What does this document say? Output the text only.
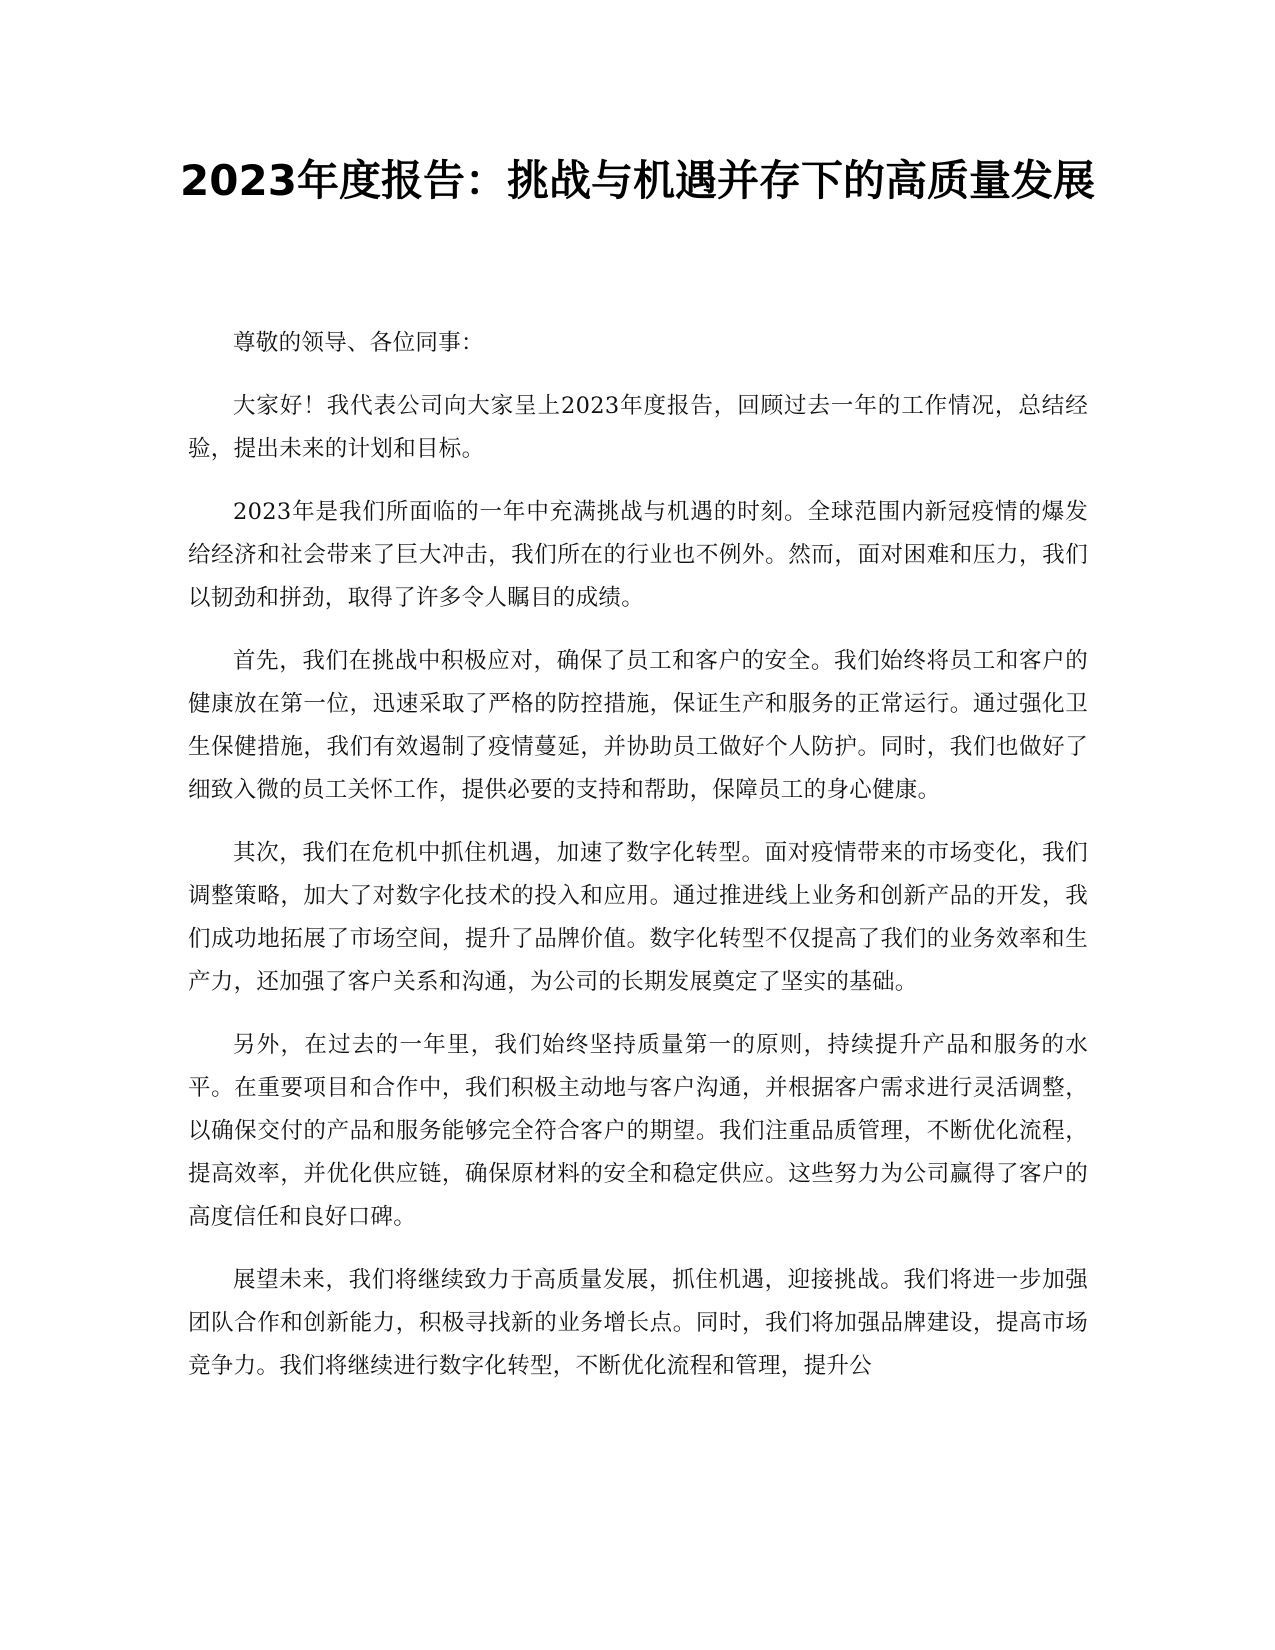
2023年度报告：挑战与机遇并存下的高质量发展

尊敬的领导、各位同事：

大家好！我代表公司向大家呈上2023年度报告，回顾过去一年的工作情况，总结经验，提出未来的计划和目标。

2023年是我们所面临的一年中充满挑战与机遇的时刻。全球范围内新冠疫情的爆发给经济和社会带来了巨大冲击，我们所在的行业也不例外。然而，面对困难和压力，我们以韧劲和拼劲，取得了许多令人瞩目的成绩。

首先，我们在挑战中积极应对，确保了员工和客户的安全。我们始终将员工和客户的健康放在第一位，迅速采取了严格的防控措施，保证生产和服务的正常运行。通过强化卫生保健措施，我们有效遏制了疫情蔓延，并协助员工做好个人防护。同时，我们也做好了细致入微的员工关怀工作，提供必要的支持和帮助，保障员工的身心健康。

其次，我们在危机中抓住机遇，加速了数字化转型。面对疫情带来的市场变化，我们调整策略，加大了对数字化技术的投入和应用。通过推进线上业务和创新产品的开发，我们成功地拓展了市场空间，提升了品牌价值。数字化转型不仅提高了我们的业务效率和生产力，还加强了客户关系和沟通，为公司的长期发展奠定了坚实的基础。

另外，在过去的一年里，我们始终坚持质量第一的原则，持续提升产品和服务的水平。在重要项目和合作中，我们积极主动地与客户沟通，并根据客户需求进行灵活调整，以确保交付的产品和服务能够完全符合客户的期望。我们注重品质管理，不断优化流程，提高效率，并优化供应链，确保原材料的安全和稳定供应。这些努力为公司赢得了客户的高度信任和良好口碑。

展望未来，我们将继续致力于高质量发展，抓住机遇，迎接挑战。我们将进一步加强团队合作和创新能力，积极寻找新的业务增长点。同时，我们将加强品牌建设，提高市场竞争力。我们将继续进行数字化转型，不断优化流程和管理，提升公
